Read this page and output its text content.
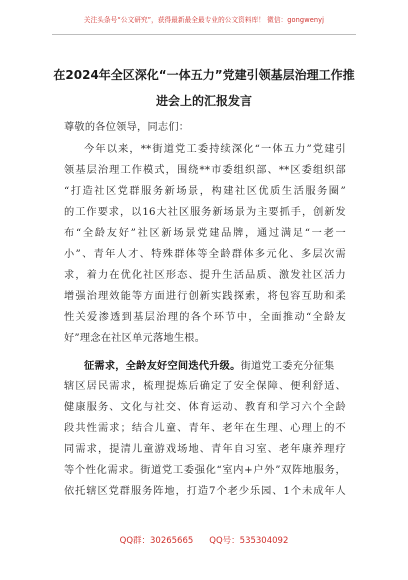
关注头条号“公文研究”，获得最新最全最专业的公文资料库！ 微信：gongwenyj
在2024年全区深化“一体五力”党建引领基层治理工作推
进会上的汇报发言
尊敬的各位领导，同志们：
今年以来，**街道党工委持续深化“一体五力”党建引
领基层治理工作模式，围绕**市委组织部、**区委组织部
“打造社区党群服务新场景，构建社区优质生活服务圈”
的工作要求，以16大社区服务新场景为主要抓手，创新发
布“全龄友好”社区新场景党建品牌，通过满足“一老一
小”、青年人才、特殊群体等全龄群体多元化、多层次需
求，着力在优化社区形态、提升生活品质、激发社区活力
增强治理效能等方面进行创新实践探索，将包容互助和柔
性关爱渗透到基层治理的各个环节中，全面推动“全龄友
好”理念在社区单元落地生根。
征需求，全龄友好空间迭代升级。街道党工委充分征集
辖区居民需求，梳理提炼后确定了安全保障、便利舒适、
健康服务、文化与社交、体育运动、教育和学习六个全龄
段共性需求；结合儿童、青年、老年在生理、心理上的不
同需求，提清儿童游戏场地、青年自习室、老年康养理疗
等个性化需求。街道党工委强化“室内+户外”双阵地服务，
依托辖区党群服务阵地，打造7个老少乐园、1个未成年人
QQ群：30265665 QQ号：535304092
